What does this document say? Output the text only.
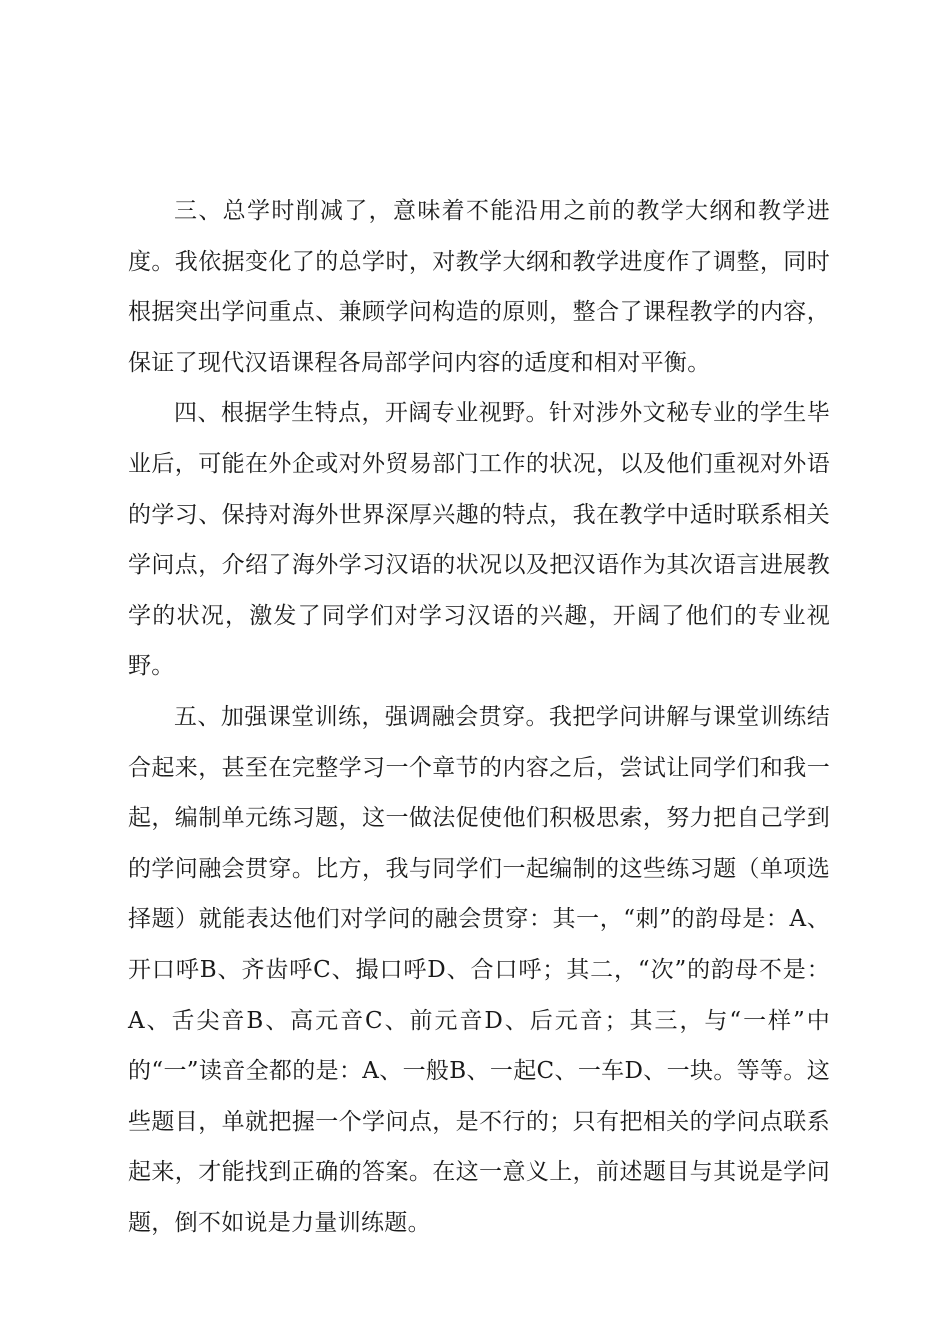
三、总学时削减了，意味着不能沿用之前的教学大纲和教学进度。我依据变化了的总学时，对教学大纲和教学进度作了调整，同时根据突出学问重点、兼顾学问构造的原则，整合了课程教学的内容，保证了现代汉语课程各局部学问内容的适度和相对平衡。

四、根据学生特点，开阔专业视野。针对涉外文秘专业的学生毕业后，可能在外企或对外贸易部门工作的状况，以及他们重视对外语的学习、保持对海外世界深厚兴趣的特点，我在教学中适时联系相关学问点，介绍了海外学习汉语的状况以及把汉语作为其次语言进展教学的状况，激发了同学们对学习汉语的兴趣，开阔了他们的专业视野。

五、加强课堂训练，强调融会贯穿。我把学问讲解与课堂训练结合起来，甚至在完整学习一个章节的内容之后，尝试让同学们和我一起，编制单元练习题，这一做法促使他们积极思索，努力把自己学到的学问融会贯穿。比方，我与同学们一起编制的这些练习题（单项选择题）就能表达他们对学问的融会贯穿：其一，“刺”的韵母是：A、开口呼B、齐齿呼C、撮口呼D、合口呼；其二，“次”的韵母不是：A、舌尖音B、高元音C、前元音D、后元音；其三，与“一样”中的“一”读音全都的是：A、一般B、一起C、一车D、一块。等等。这些题目，单就把握一个学问点，是不行的；只有把相关的学问点联系起来，才能找到正确的答案。在这一意义上，前述题目与其说是学问题，倒不如说是力量训练题。
